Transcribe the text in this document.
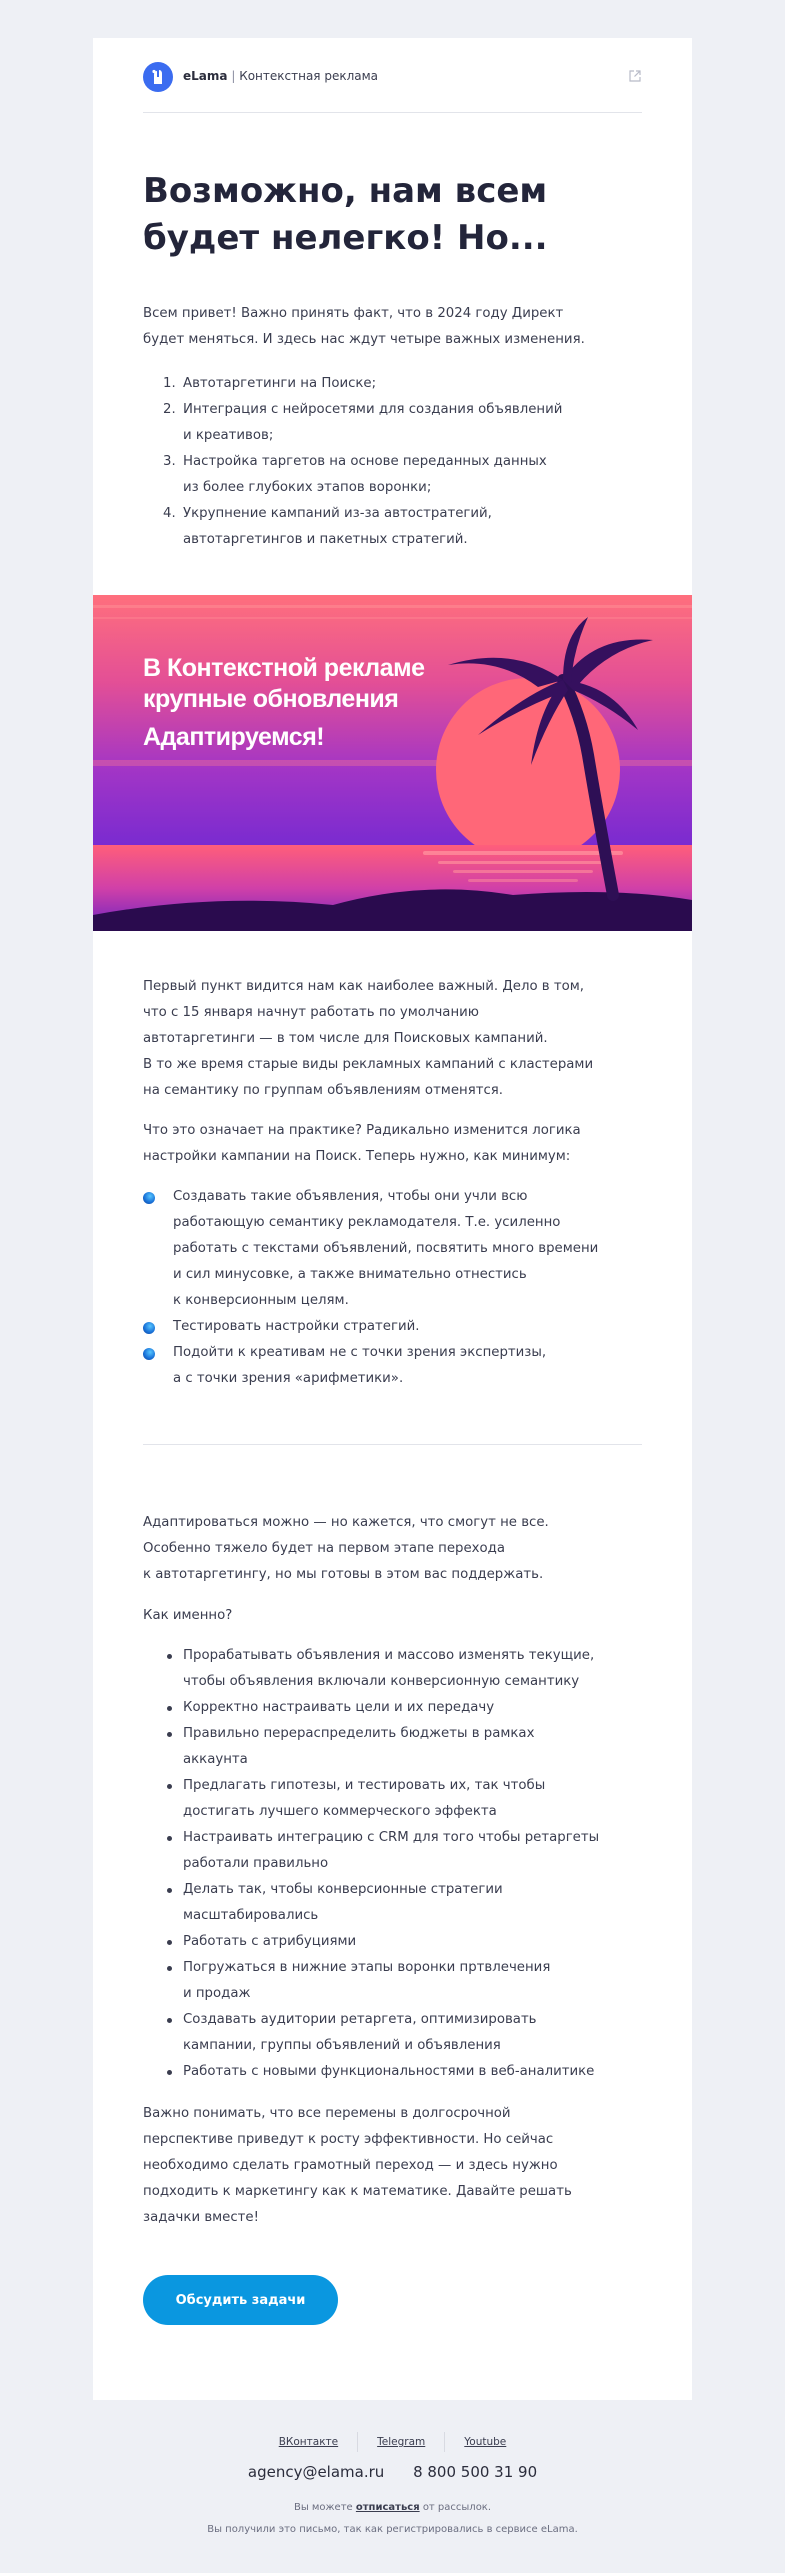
eLama | Контекстная реклама
Возможно, нам всем
будет нелегко! Но...

Всем привет! Важно принять факт, что в 2024 году Директ
будет меняться. И здесь нас ждут четыре важных изменения.

1. Автотаргетинги на Поиске;
2. Интеграция с нейросетями для создания объявлений
и креативов;
3. Настройка таргетов на основе переданных данных
из более глубоких этапов воронки;
4. Укрупнение кампаний из-за автостратегий,
автотаргетингов и пакетных стратегий.
В Контекстной рекламе
крупные обновления
Адаптируемся!

Первый пункт видится нам как наиболее важный. Дело в том,
что с 15 января начнут работать по умолчанию
автотаргетинги — в том числе для Поисковых кампаний.
В то же время старые виды рекламных кампаний с кластерами
на семантику по группам объявлениям отменятся.

Что это означает на практике? Радикально изменится логика
настройки кампании на Поиск. Теперь нужно, как минимум:

Создавать такие объявления, чтобы они учли всю
работающую семантику рекламодателя. Т.е. усиленно
работать с текстами объявлений, посвятить много времени
и сил минусовке, а также внимательно отнестись
к конверсионным целям.
Тестировать настройки стратегий.
Подойти к креативам не с точки зрения экспертизы,
а с точки зрения «арифметики».

Адаптироваться можно — но кажется, что смогут не все.
Особенно тяжело будет на первом этапе перехода
к автотаргетингу, но мы готовы в этом вас поддержать.

Как именно?

Прорабатывать объявления и массово изменять текущие,
чтобы объявления включали конверсионную семантику
Корректно настраивать цели и их передачу
Правильно перераспределить бюджеты в рамках
аккаунта
Предлагать гипотезы, и тестировать их, так чтобы
достигать лучшего коммерческого эффекта
Настраивать интеграцию с CRM для того чтобы ретаргеты
работали правильно
Делать так, чтобы конверсионные стратегии
масштабировались
Работать с атрибуциями
Погружаться в нижние этапы воронки пртвлечения
и продаж
Создавать аудитории ретаргета, оптимизировать
кампании, группы объявлений и объявления
Работать с новыми функциональностями в веб-аналитике

Важно понимать, что все перемены в долгосрочной
перспективе приведут к росту эффективности. Но сейчас
необходимо сделать грамотный переход — и здесь нужно
подходить к маркетингу как к математике. Давайте решать
задачки вместе!

Обсудить задачи
ВКонтакте	Telegram	Youtube
agency@elama.ru 8 800 500 31 90
Вы можете отписаться от рассылок.
Вы получили это письмо, так как регистрировались в сервисе eLama.
